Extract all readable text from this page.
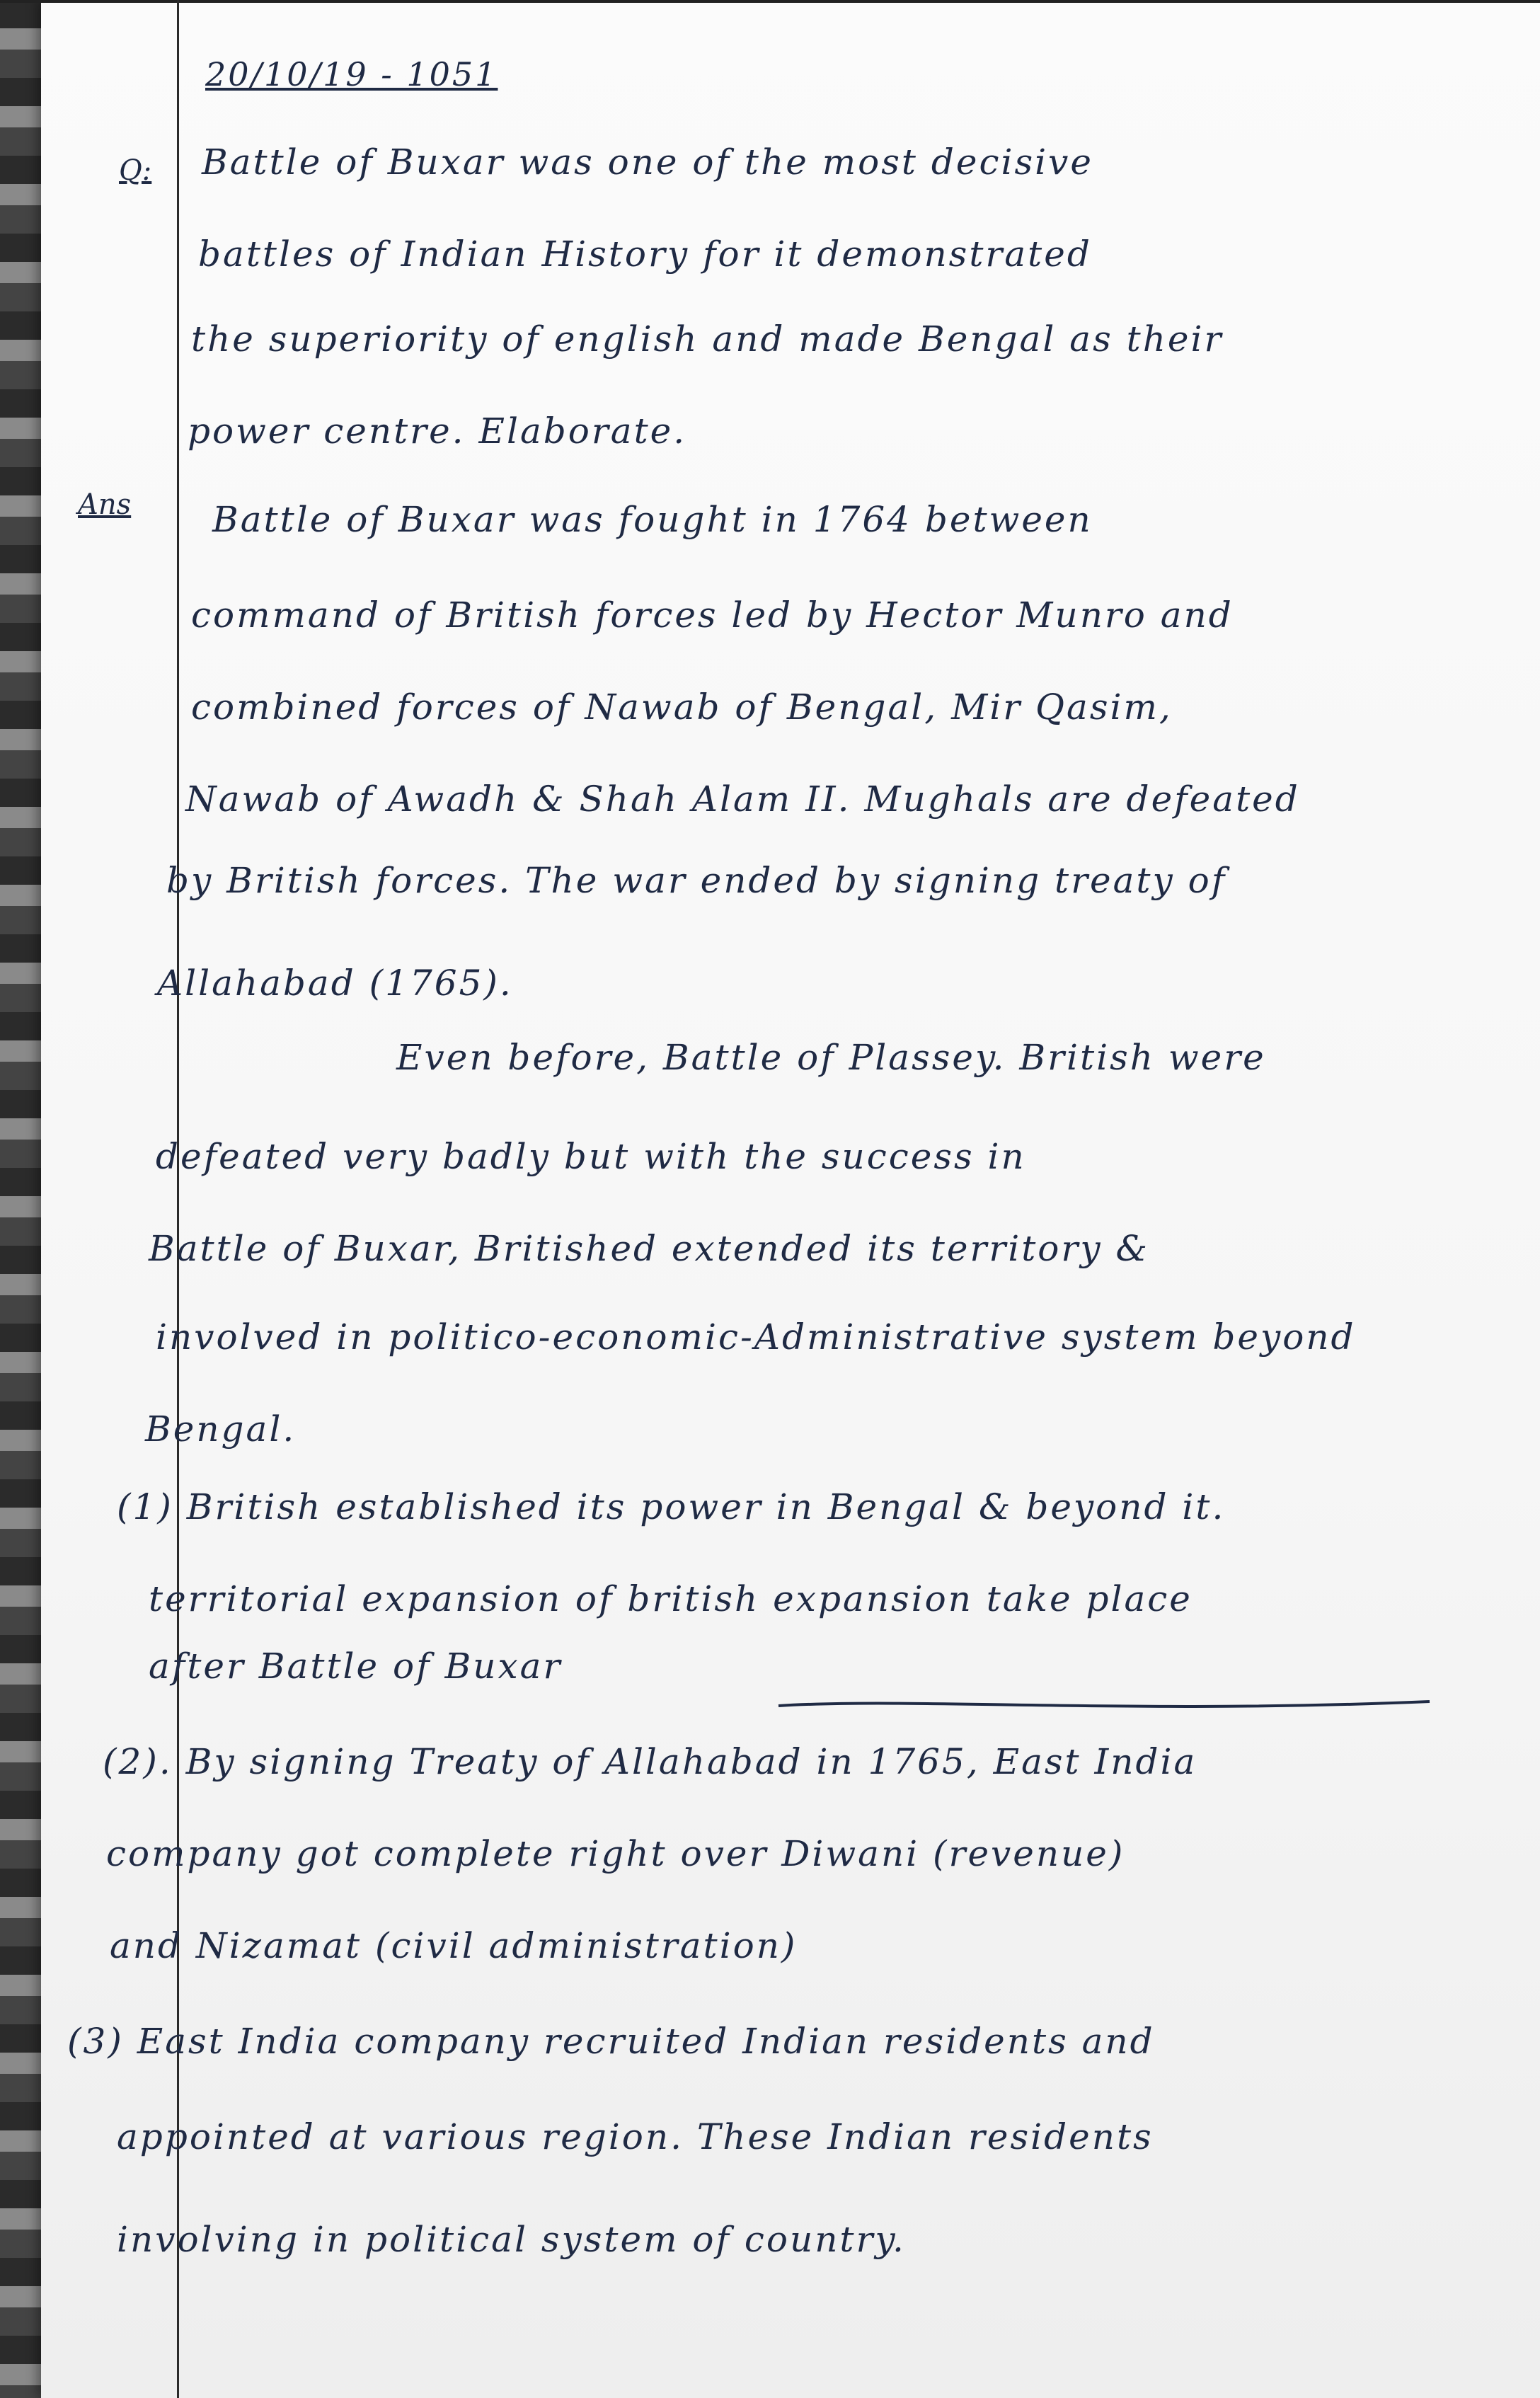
20/10/19 - 1051
Q:
Ans
Battle of Buxar was one of the most decisive
battles of Indian History for it demonstrated
the superiority of english and made Bengal as their
power centre. Elaborate.
Battle of Buxar was fought in 1764 between
command of British forces led by Hector Munro and
combined forces of Nawab of Bengal, Mir Qasim,
Nawab of Awadh & Shah Alam II. Mughals are defeated
by British forces. The war ended by signing treaty of
Allahabad (1765).
Even before, Battle of Plassey. British were
defeated very badly but with the success in
Battle of Buxar, Britished extended its territory &
involved in politico-economic-Administrative system beyond
Bengal.
(1) British established its power in Bengal & beyond it.
territorial expansion of british expansion take place
after Battle of Buxar
(2). By signing Treaty of Allahabad in 1765, East India
company got complete right over Diwani (revenue)
and Nizamat (civil administration)
(3) East India company recruited Indian residents and
appointed at various region. These Indian residents
involving in political system of country.
